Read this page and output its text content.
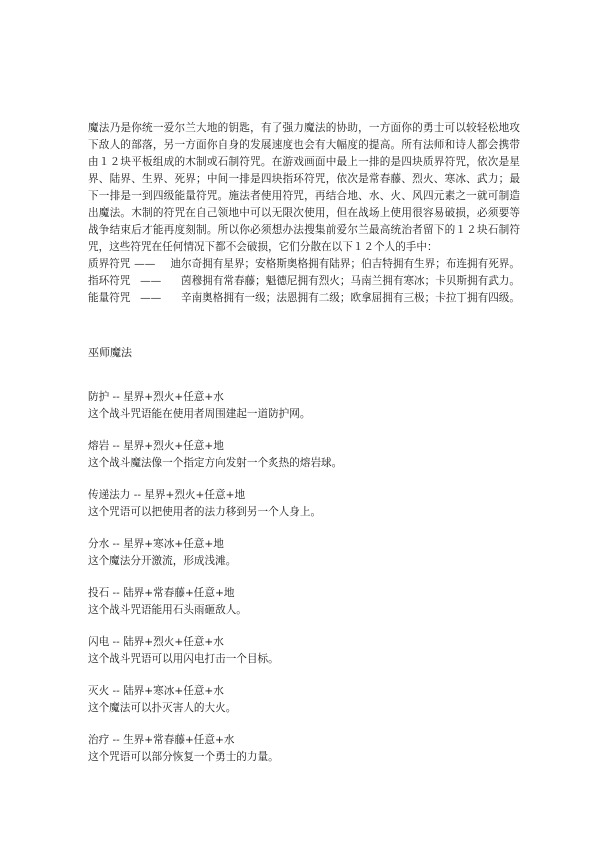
魔法乃是你统一爱尔兰大地的钥匙，有了强力魔法的协助，一方面你的勇士可以较轻松地攻下敌人的部落，另一方面你自身的发展速度也会有大幅度的提高。所有法师和诗人都会携带由１２块平板组成的木制或石制符咒。在游戏画面中最上一排的是四块质界符咒，依次是星界、陆界、生界、死界；中间一排是四块指环符咒，依次是常春藤、烈火、寒冰、武力；最下一排是一到四级能量符咒。施法者使用符咒，再结合地、水、火、风四元素之一就可制造出魔法。木制的符咒在自己领地中可以无限次使用，但在战场上使用很容易破损，必须要等战争结束后才能再度刻制。所以你必须想办法搜集前爱尔兰最高统治者留下的１２块石制符咒，这些符咒在任何情况下都不会破损，它们分散在以下１２个人的手中：

质界符咒 ——	迪尔奇拥有星界；安格斯奥格拥有陆界；伯吉特拥有生界；布连拥有死界。
指环符咒 ——	茵穆拥有常春藤；魁德尼拥有烈火；马南兰拥有寒冰；卡贝斯拥有武力。
能量符咒 ——	辛南奥格拥有一级；法恩拥有二级；欧拿屈拥有三极；卡拉丁拥有四级。
巫师魔法
防护 -- 星界+烈火+任意+水
这个战斗咒语能在使用者周围建起一道防护网。
熔岩 -- 星界+烈火+任意+地
这个战斗魔法像一个指定方向发射一个炙热的熔岩球。
传递法力 -- 星界+烈火+任意+地
这个咒语可以把使用者的法力移到另一个人身上。
分水 -- 星界+寒冰+任意+地
这个魔法分开激流，形成浅滩。
投石 -- 陆界+常春藤+任意+地
这个战斗咒语能用石头雨砸敌人。
闪电 -- 陆界+烈火+任意+水
这个战斗咒语可以用闪电打击一个目标。
灭火 -- 陆界+寒冰+任意+水
这个魔法可以扑灭害人的大火。
治疗 -- 生界+常春藤+任意+水
这个咒语可以部分恢复一个勇士的力量。
